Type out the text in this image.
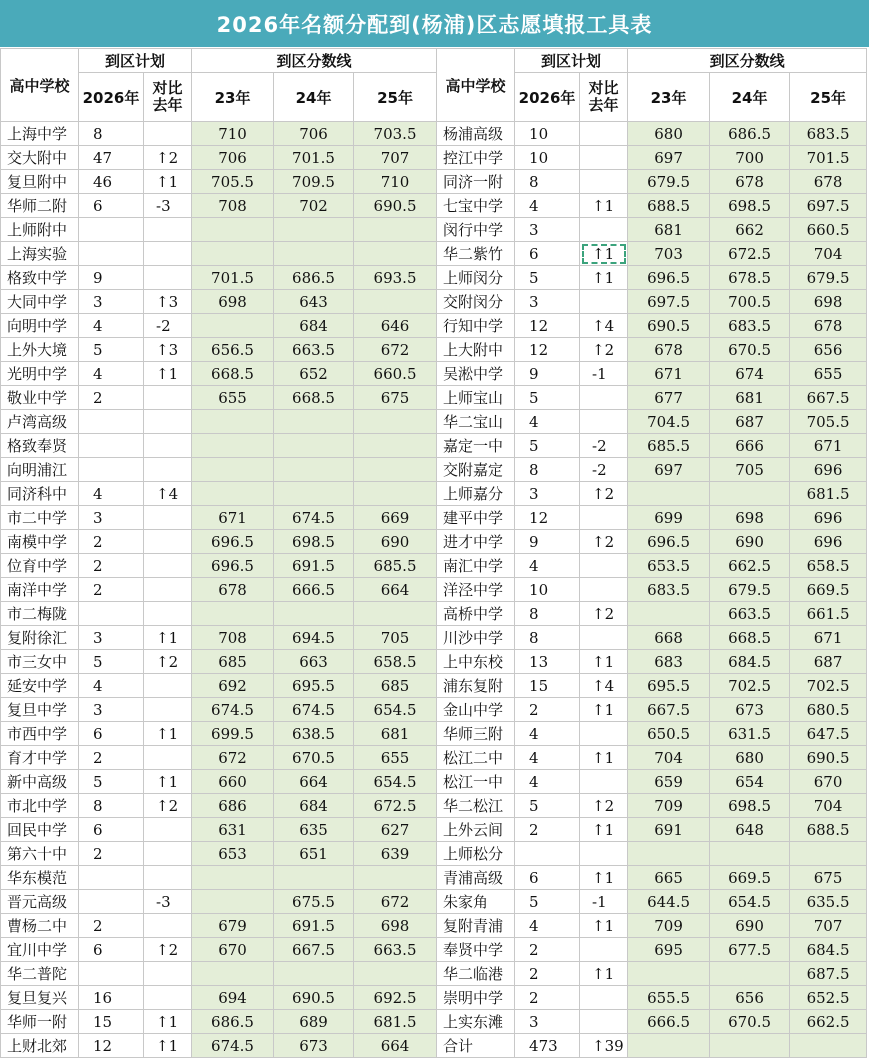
2026年名额分配到(杨浦)区志愿填报工具表
高中学校	到区计划		到区分数线			高中学校	到区计划		到区分数线		
	2026年	对比去年	23年	24年	25年		2026年	对比去年	23年	24年	25年
上海中学	8		710	706	703.5	杨浦高级	10		680	686.5	683.5
交大附中	47	↑2	706	701.5	707	控江中学	10		697	700	701.5
复旦附中	46	↑1	705.5	709.5	710	同济一附	8		679.5	678	678
华师二附	6	-3	708	702	690.5	七宝中学	4	↑1	688.5	698.5	697.5
上师附中						闵行中学	3		681	662	660.5
上海实验						华二紫竹	6	↑1	703	672.5	704
格致中学	9		701.5	686.5	693.5	上师闵分	5	↑1	696.5	678.5	679.5
大同中学	3	↑3	698	643		交附闵分	3		697.5	700.5	698
向明中学	4	-2		684	646	行知中学	12	↑4	690.5	683.5	678
上外大境	5	↑3	656.5	663.5	672	上大附中	12	↑2	678	670.5	656
光明中学	4	↑1	668.5	652	660.5	吴淞中学	9	-1	671	674	655
敬业中学	2		655	668.5	675	上师宝山	5		677	681	667.5
卢湾高级						华二宝山	4		704.5	687	705.5
格致奉贤						嘉定一中	5	-2	685.5	666	671
向明浦江						交附嘉定	8	-2	697	705	696
同济科中	4	↑4				上师嘉分	3	↑2			681.5
市二中学	3		671	674.5	669	建平中学	12		699	698	696
南模中学	2		696.5	698.5	690	进才中学	9	↑2	696.5	690	696
位育中学	2		696.5	691.5	685.5	南汇中学	4		653.5	662.5	658.5
南洋中学	2		678	666.5	664	洋泾中学	10		683.5	679.5	669.5
市二梅陇						高桥中学	8	↑2		663.5	661.5
复附徐汇	3	↑1	708	694.5	705	川沙中学	8		668	668.5	671
市三女中	5	↑2	685	663	658.5	上中东校	13	↑1	683	684.5	687
延安中学	4		692	695.5	685	浦东复附	15	↑4	695.5	702.5	702.5
复旦中学	3		674.5	674.5	654.5	金山中学	2	↑1	667.5	673	680.5
市西中学	6	↑1	699.5	638.5	681	华师三附	4		650.5	631.5	647.5
育才中学	2		672	670.5	655	松江二中	4	↑1	704	680	690.5
新中高级	5	↑1	660	664	654.5	松江一中	4		659	654	670
市北中学	8	↑2	686	684	672.5	华二松江	5	↑2	709	698.5	704
回民中学	6		631	635	627	上外云间	2	↑1	691	648	688.5
第六十中	2		653	651	639	上师松分					
华东模范						青浦高级	6	↑1	665	669.5	675
晋元高级		-3		675.5	672	朱家角	5	-1	644.5	654.5	635.5
曹杨二中	2		679	691.5	698	复附青浦	4	↑1	709	690	707
宜川中学	6	↑2	670	667.5	663.5	奉贤中学	2		695	677.5	684.5
华二普陀						华二临港	2	↑1			687.5
复旦复兴	16		694	690.5	692.5	崇明中学	2		655.5	656	652.5
华师一附	15	↑1	686.5	689	681.5	上实东滩	3		666.5	670.5	662.5
上财北郊	12	↑1	674.5	673	664	合计	473	↑39			
